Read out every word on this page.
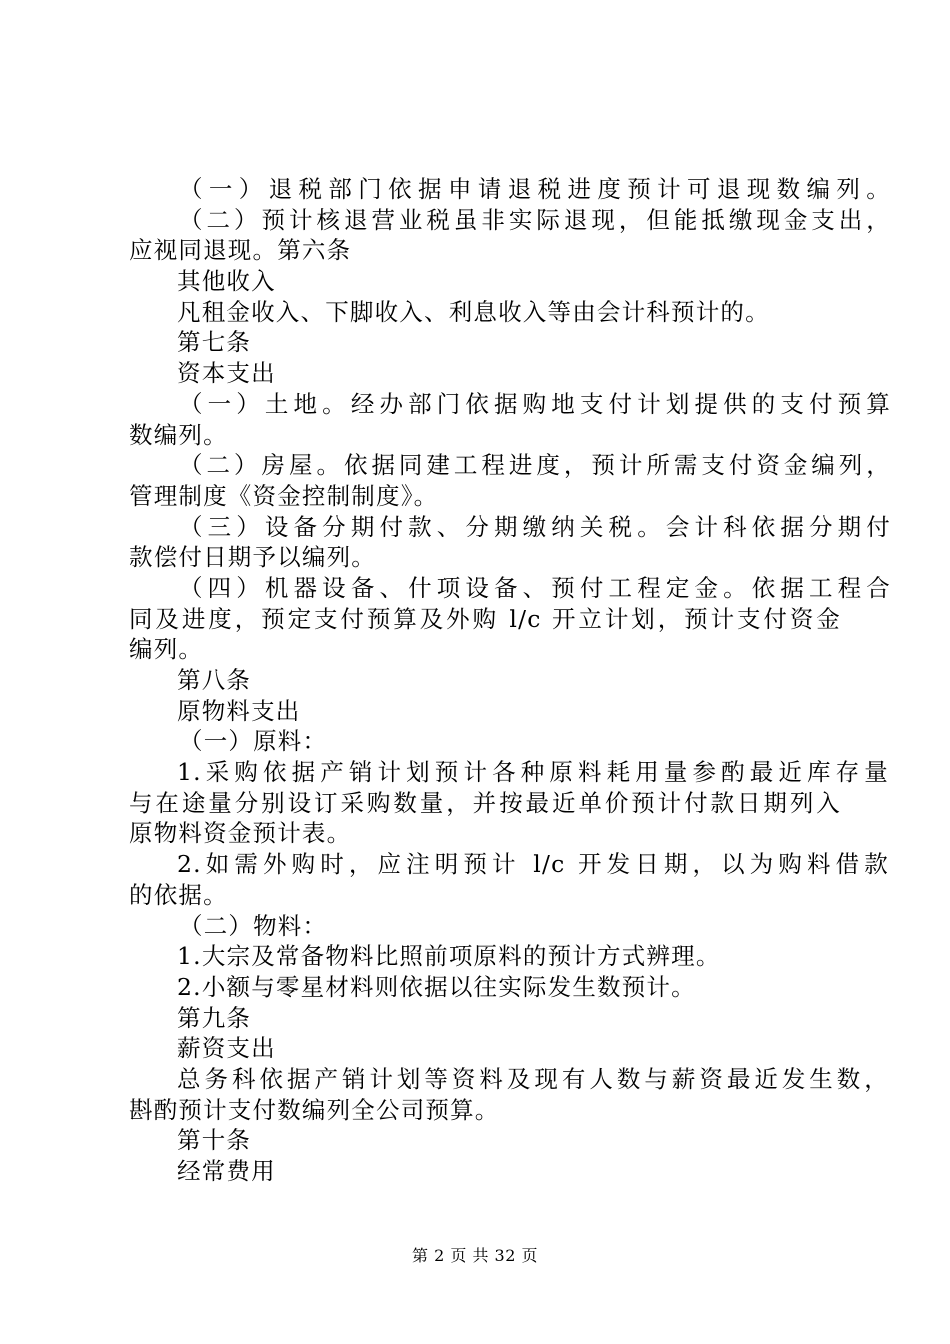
（一）退税部门依据申请退税进度预计可退现数编列。
（二）预计核退营业税虽非实际退现，但能抵缴现金支出，
应视同退现。第六条
其他收入
凡租金收入、下脚收入、利息收入等由会计科预计的。
第七条
资本支出
（一）土地。经办部门依据购地支付计划提供的支付预算
数编列。
（二）房屋。依据同建工程进度，预计所需支付资金编列，
管理制度《资金控制制度》。
（三）设备分期付款、分期缴纳关税。会计科依据分期付
款偿付日期予以编列。
（四）机器设备、什项设备、预付工程定金。依据工程合
同及进度，预定支付预算及外购 l/c 开立计划，预计支付资金
编列。
第八条
原物料支出
（一）原料：
1.采购依据产销计划预计各种原料耗用量参酌最近库存量
与在途量分别设订采购数量，并按最近单价预计付款日期列入
原物料资金预计表。
2.如需外购时，应注明预计 l/c 开发日期，以为购料借款
的依据。
（二）物料：
1.大宗及常备物料比照前项原料的预计方式辨理。
2.小额与零星材料则依据以往实际发生数预计。
第九条
薪资支出
总务科依据产销计划等资料及现有人数与薪资最近发生数，
斟酌预计支付数编列全公司预算。
第十条
经常费用
第 2 页 共 32 页
